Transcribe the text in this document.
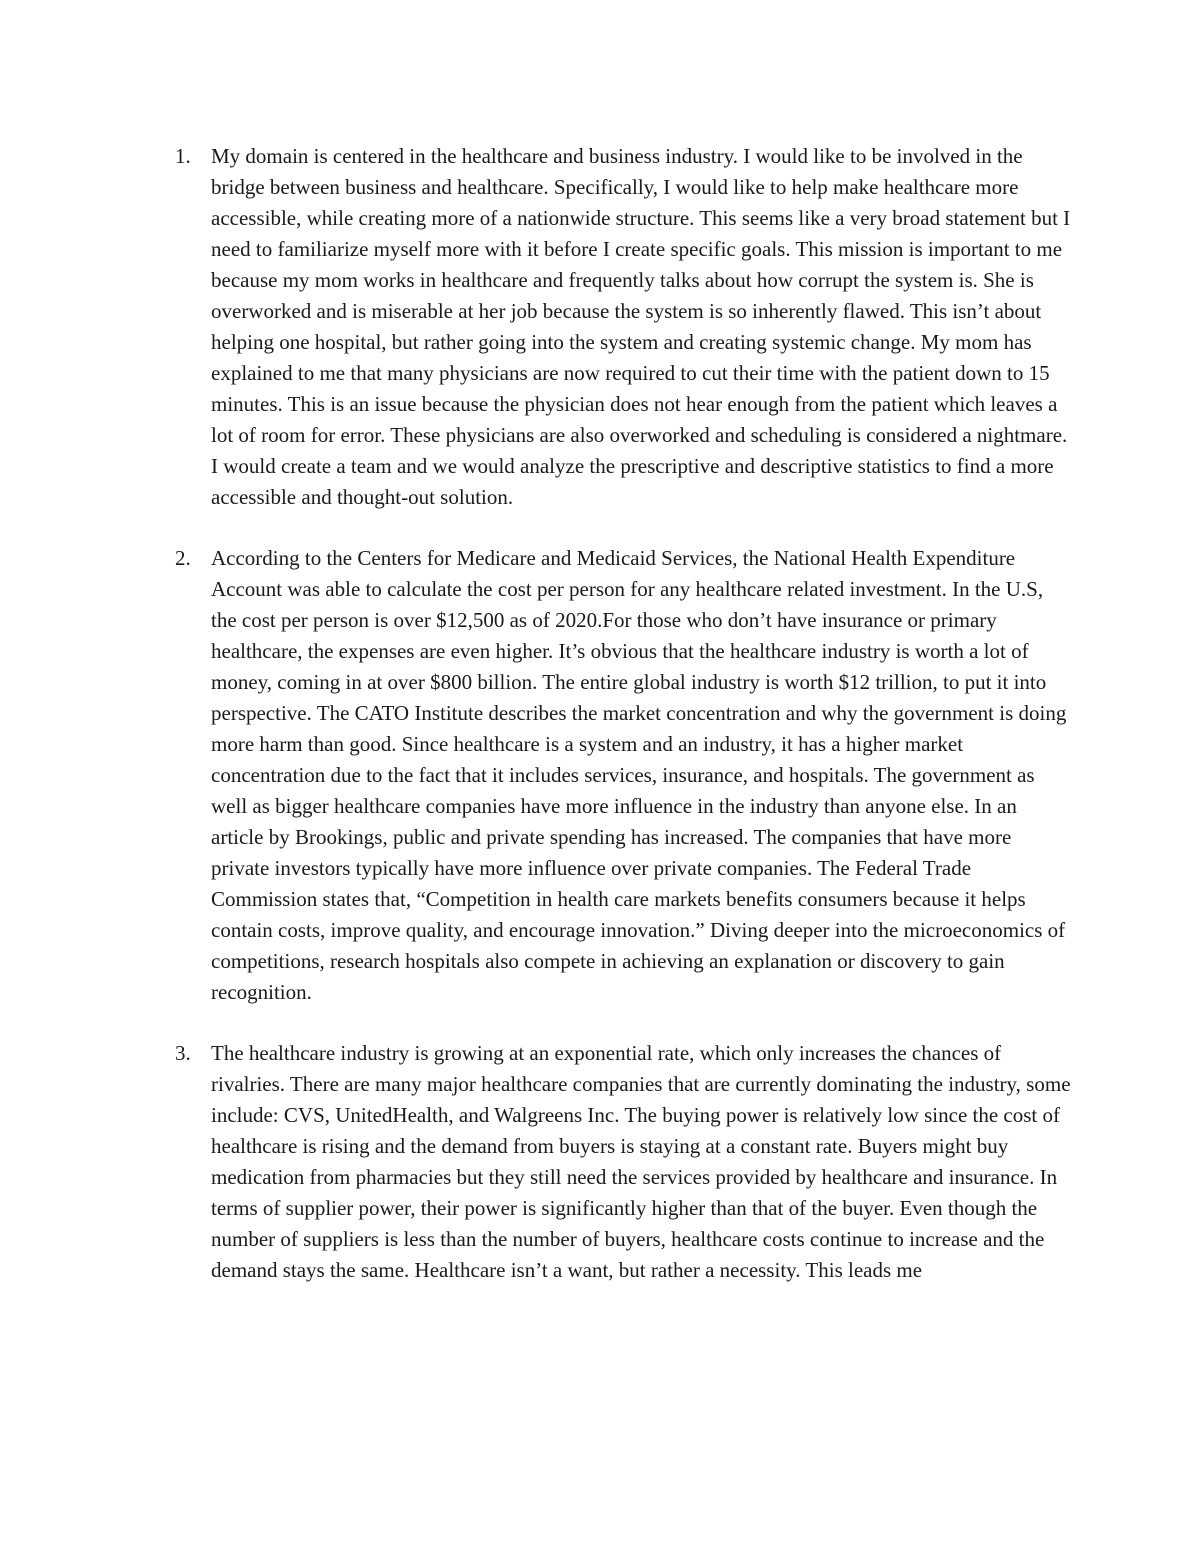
1. My domain is centered in the healthcare and business industry. I would like to be involved in the bridge between business and healthcare. Specifically, I would like to help make healthcare more accessible, while creating more of a nationwide structure. This seems like a very broad statement but I need to familiarize myself more with it before I create specific goals. This mission is important to me because my mom works in healthcare and frequently talks about how corrupt the system is. She is overworked and is miserable at her job because the system is so inherently flawed. This isn’t about helping one hospital, but rather going into the system and creating systemic change. My mom has explained to me that many physicians are now required to cut their time with the patient down to 15 minutes. This is an issue because the physician does not hear enough from the patient which leaves a lot of room for error. These physicians are also overworked and scheduling is considered a nightmare. I would create a team and we would analyze the prescriptive and descriptive statistics to find a more accessible and thought-out solution.

2. According to the Centers for Medicare and Medicaid Services, the National Health Expenditure Account was able to calculate the cost per person for any healthcare related investment. In the U.S, the cost per person is over $12,500 as of 2020.For those who don’t have insurance or primary healthcare, the expenses are even higher. It’s obvious that the healthcare industry is worth a lot of money, coming in at over $800 billion. The entire global industry is worth $12 trillion, to put it into perspective. The CATO Institute describes the market concentration and why the government is doing more harm than good. Since healthcare is a system and an industry, it has a higher market concentration due to the fact that it includes services, insurance, and hospitals. The government as well as bigger healthcare companies have more influence in the industry than anyone else. In an article by Brookings, public and private spending has increased. The companies that have more private investors typically have more influence over private companies. The Federal Trade Commission states that, “Competition in health care markets benefits consumers because it helps contain costs, improve quality, and encourage innovation.” Diving deeper into the microeconomics of competitions, research hospitals also compete in achieving an explanation or discovery to gain recognition.

3. The healthcare industry is growing at an exponential rate, which only increases the chances of rivalries. There are many major healthcare companies that are currently dominating the industry, some include: CVS, UnitedHealth, and Walgreens Inc. The buying power is relatively low since the cost of healthcare is rising and the demand from buyers is staying at a constant rate. Buyers might buy medication from pharmacies but they still need the services provided by healthcare and insurance. In terms of supplier power, their power is significantly higher than that of the buyer. Even though the number of suppliers is less than the number of buyers, healthcare costs continue to increase and the demand stays the same. Healthcare isn’t a want, but rather a necessity. This leads me
